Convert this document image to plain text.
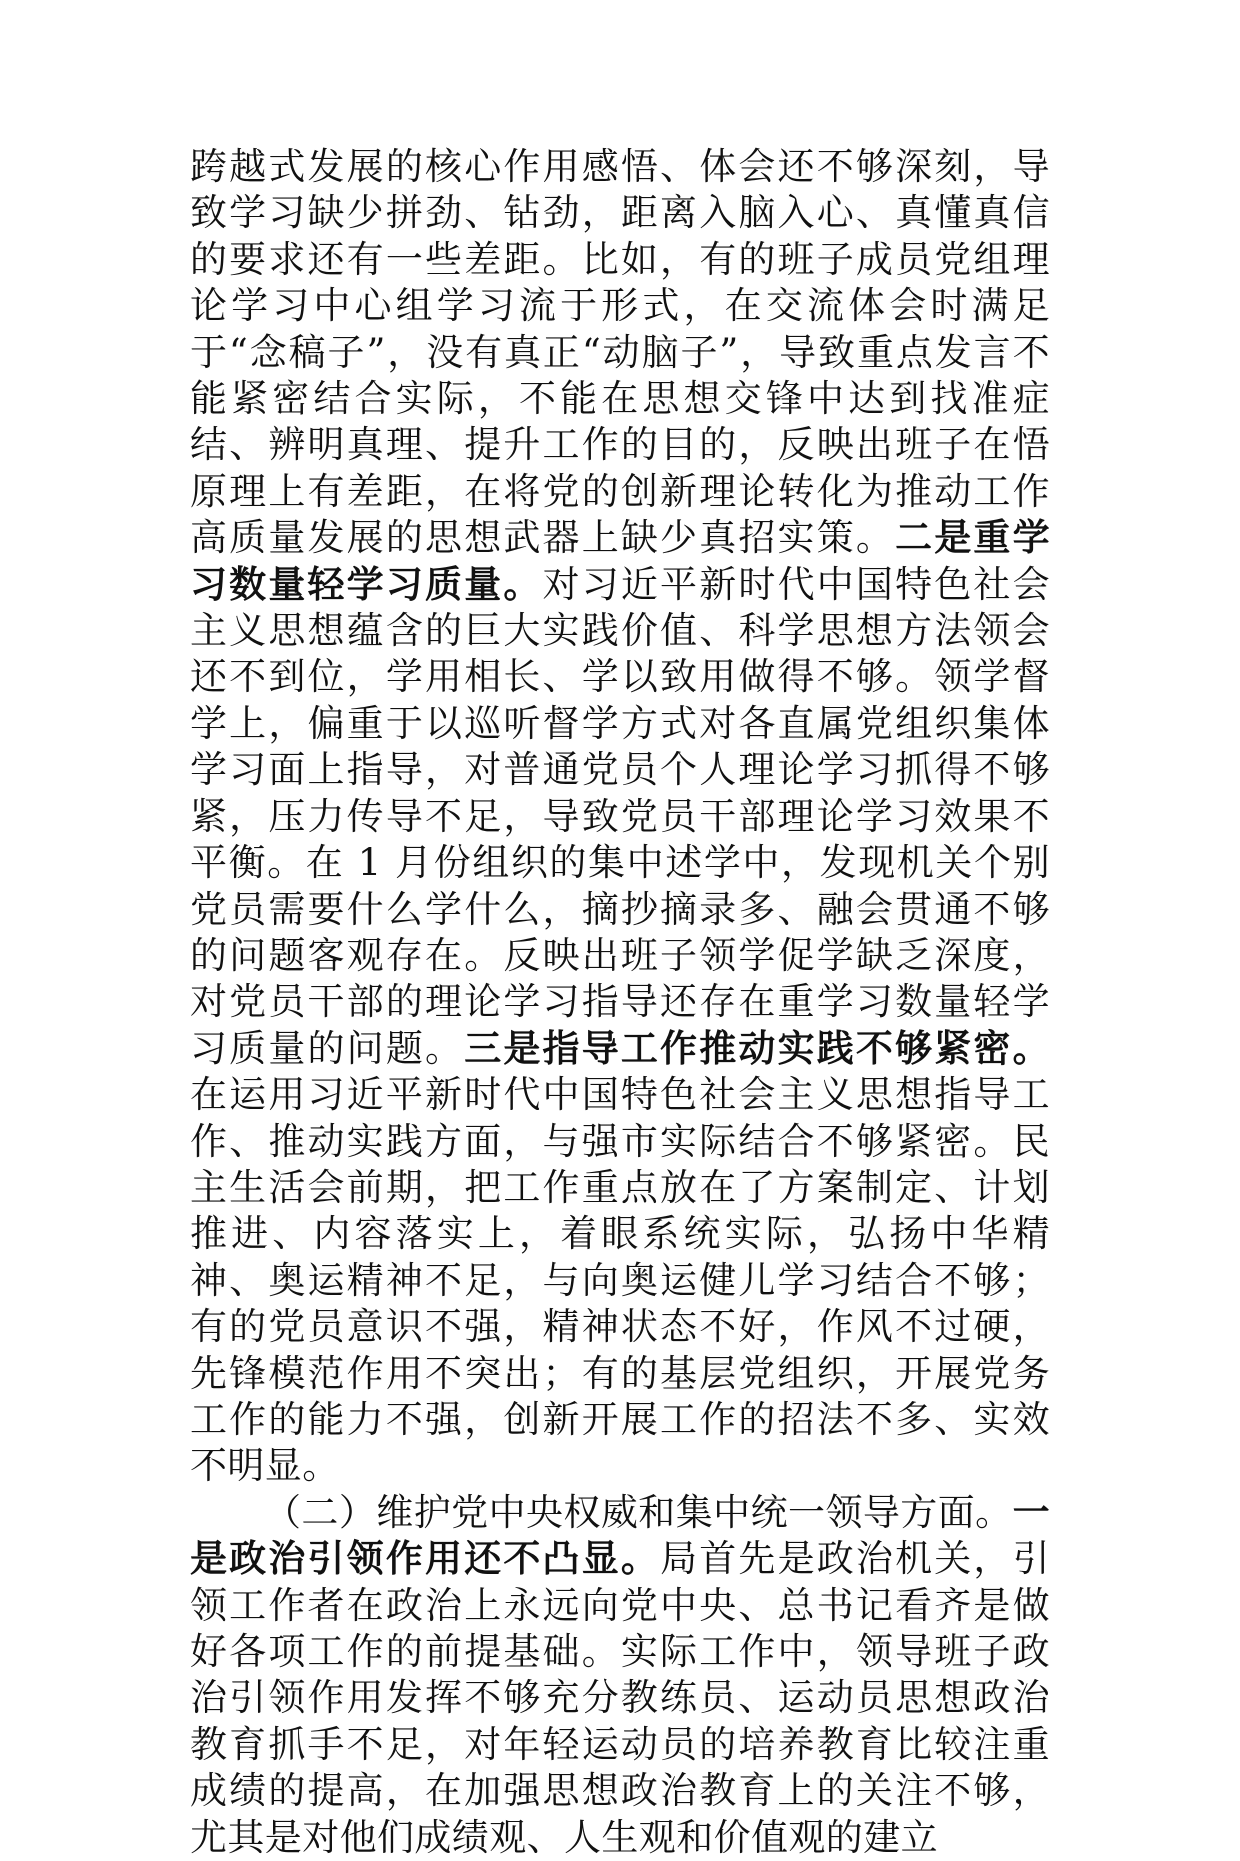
跨越式发展的核心作用感悟、体会还不够深刻，导致学习缺少拼劲、钻劲，距离入脑入心、真懂真信的要求还有一些差距。比如，有的班子成员党组理论学习中心组学习流于形式，在交流体会时满足于“念稿子”，没有真正“动脑子”，导致重点发言不能紧密结合实际，不能在思想交锋中达到找准症结、辨明真理、提升工作的目的，反映出班子在悟原理上有差距，在将党的创新理论转化为推动工作高质量发展的思想武器上缺少真招实策。二是重学习数量轻学习质量。对习近平新时代中国特色社会主义思想蕴含的巨大实践价值、科学思想方法领会还不到位，学用相长、学以致用做得不够。领学督学上，偏重于以巡听督学方式对各直属党组织集体学习面上指导，对普通党员个人理论学习抓得不够紧，压力传导不足，导致党员干部理论学习效果不平衡。在 1 月份组织的集中述学中，发现机关个别党员需要什么学什么，摘抄摘录多、融会贯通不够的问题客观存在。反映出班子领学促学缺乏深度，对党员干部的理论学习指导还存在重学习数量轻学习质量的问题。三是指导工作推动实践不够紧密。在运用习近平新时代中国特色社会主义思想指导工作、推动实践方面，与强市实际结合不够紧密。民主生活会前期，把工作重点放在了方案制定、计划推进、内容落实上，着眼系统实际，弘扬中华精神、奥运精神不足，与向奥运健儿学习结合不够；有的党员意识不强，精神状态不好，作风不过硬，先锋模范作用不突出；有的基层党组织，开展党务工作的能力不强，创新开展工作的招法不多、实效不明显。

（二）维护党中央权威和集中统一领导方面。一是政治引领作用还不凸显。局首先是政治机关，引领工作者在政治上永远向党中央、总书记看齐是做好各项工作的前提基础。实际工作中，领导班子政治引领作用发挥不够充分教练员、运动员思想政治教育抓手不足，对年轻运动员的培养教育比较注重成绩的提高，在加强思想政治教育上的关注不够，尤其是对他们成绩观、人生观和价值观的建立
